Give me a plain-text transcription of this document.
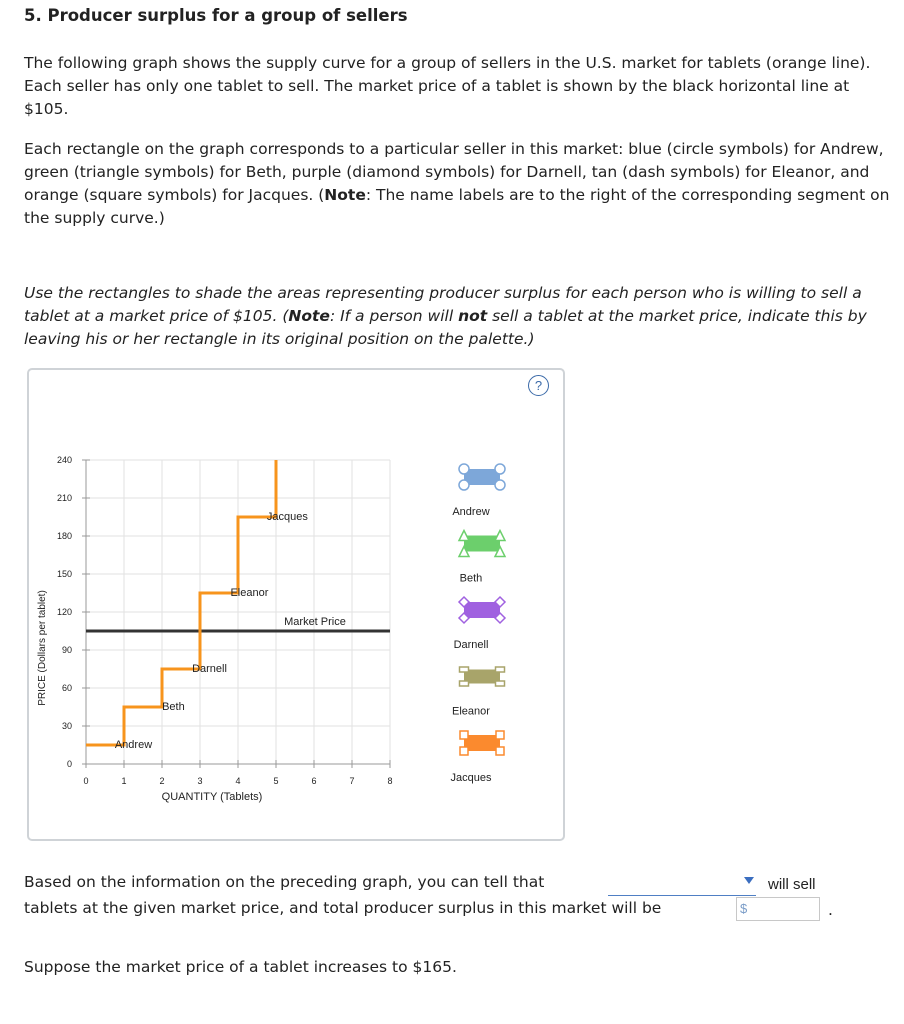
5. Producer surplus for a group of sellers
The following graph shows the supply curve for a group of sellers in the U.S. market for tablets (orange line). Each seller has only one tablet to sell. The market price of a tablet is shown by the black horizontal line at $105.
Each rectangle on the graph corresponds to a particular seller in this market: blue (circle symbols) for Andrew, green (triangle symbols) for Beth, purple (diamond symbols) for Darnell, tan (dash symbols) for Eleanor, and orange (square symbols) for Jacques. (Note: The name labels are to the right of the corresponding segment on the supply curve.)
Use the rectangles to shade the areas representing producer surplus for each person who is willing to sell a tablet at a market price of $105. (Note: If a person will not sell a tablet at the market price, indicate this by leaving his or her rectangle in its original position on the palette.)
?
0
30
60
90
120
150
180
210
240
0	1	2	3	4	5	6	7	8
QUANTITY (Tablets)
PRICE (Dollars per tablet)	Market Price
Andrew
Beth
Darnell
Eleanor
Jacques	Andrew
Beth
Darnell
Eleanor
Jacques
Based on the information on the preceding graph, you can tell that	will sell
tablets at the given market price, and total producer surplus in this market will be	$	.
Suppose the market price of a tablet increases to $165.
